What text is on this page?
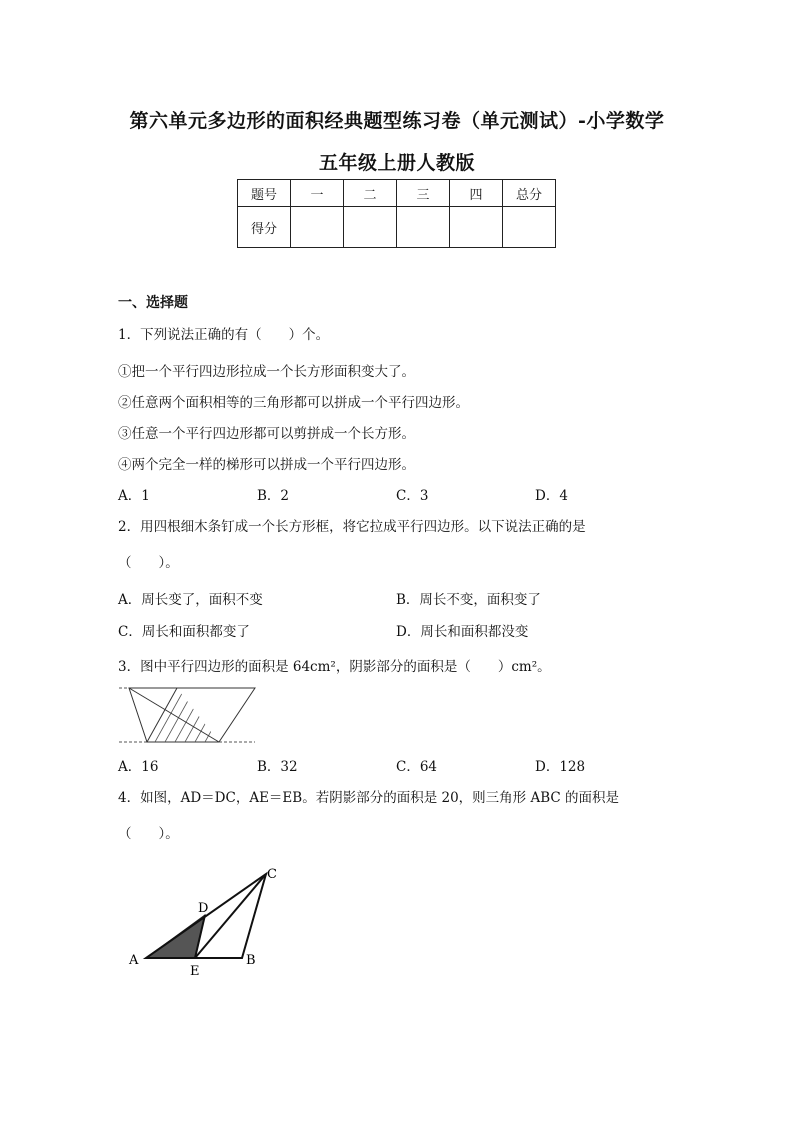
第六单元多边形的面积经典题型练习卷（单元测试）-小学数学
五年级上册人教版
题号	一	二	三	四	总分
得分					
一、选择题
1．下列说法正确的有（　　）个。
①把一个平行四边形拉成一个长方形面积变大了。
②任意两个面积相等的三角形都可以拼成一个平行四边形。
③任意一个平行四边形都可以剪拼成一个长方形。
④两个完全一样的梯形可以拼成一个平行四边形。
A．1	B．2	C．3	D．4
2．用四根细木条钉成一个长方形框，将它拉成平行四边形。以下说法正确的是
（　　）。
A．周长变了，面积不变	B．周长不变，面积变了
C．周长和面积都变了	D．周长和面积都没变
3．图中平行四边形的面积是 64cm²，阴影部分的面积是（　　）cm²。
A．16	B．32	C．64	D．128
4．如图，AD＝DC，AE＝EB。若阴影部分的面积是 20，则三角形 ABC 的面积是
（　　）。
A	B
C
D
E
